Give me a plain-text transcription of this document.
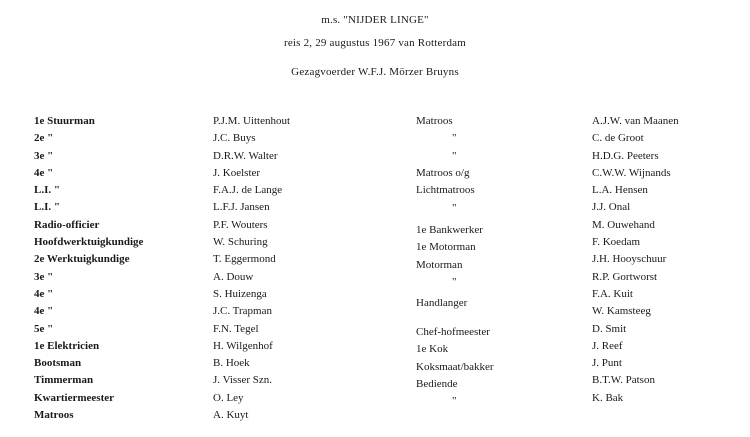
m.s. "NIJDER LINGE"
reis 2, 29 augustus 1967 van Rotterdam
Gezagvoerder W.F.J. Mörzer Bruyns
1e Stuurman
2e "
3e "
4e "
L.I. "
L.I. "
Radio-officier
Hoofdwerktuigkundige
2e Werktuigkundige
3e "
4e "
4e "
5e "
1e Elektricien
Bootsman
Timmerman
Kwartiermeester
Matroos
P.J.M. Uittenhout
J.C. Buys
D.R.W. Walter
J. Koelster
F.A.J. de Lange
L.F.J. Jansen
P.F. Wouters
W. Schuring
T. Eggermond
A. Douw
S. Huizenga
J.C. Trapman
F.N. Tegel
H. Wilgenhof
B. Hoek
J. Visser Szn.
O. Ley
A. Kuyt
Matroos
"
"
Matroos o/g
Lichtmatroos
"
1e Bankwerker
1e Motorman
Motorman
"
Handlanger
Chef-hofmeester
1e Kok
Koksmaat/bakker
Bediende
"
A.J.W. van Maanen
C. de Groot
H.D.G. Peeters
C.W.W. Wijnands
L.A. Hensen
J.J. Onal
M. Ouwehand
F. Koedam
J.H. Hooyschuur
R.P. Gortworst
F.A. Kuit
W. Kamsteeg
D. Smit
J. Reef
J. Punt
B.T.W. Patson
K. Bak
